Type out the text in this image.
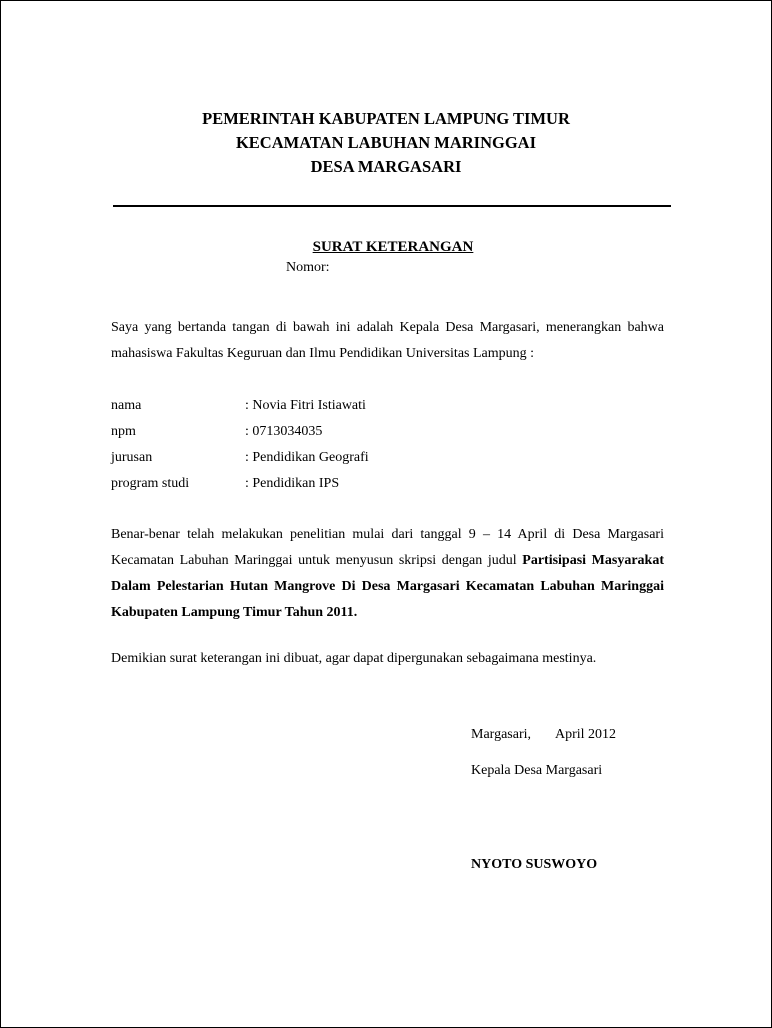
PEMERINTAH KABUPATEN LAMPUNG TIMUR
KECAMATAN LABUHAN MARINGGAI
DESA MARGASARI
SURAT KETERANGAN
Nomor:
Saya yang bertanda tangan di bawah ini adalah Kepala Desa Margasari, menerangkan bahwa mahasiswa Fakultas Keguruan dan Ilmu Pendidikan Universitas Lampung :
nama	: Novia Fitri Istiawati
npm	: 0713034035
jurusan	: Pendidikan Geografi
program studi	: Pendidikan IPS
Benar-benar telah melakukan penelitian mulai dari tanggal 9 – 14 April di Desa Margasari Kecamatan Labuhan Maringgai untuk menyusun skripsi dengan judul Partisipasi Masyarakat Dalam Pelestarian Hutan Mangrove Di Desa Margasari Kecamatan Labuhan Maringgai Kabupaten Lampung Timur Tahun 2011.
Demikian surat keterangan ini dibuat, agar dapat dipergunakan sebagaimana mestinya.
Margasari, April 2012
Kepala Desa Margasari
NYOTO SUSWOYO
